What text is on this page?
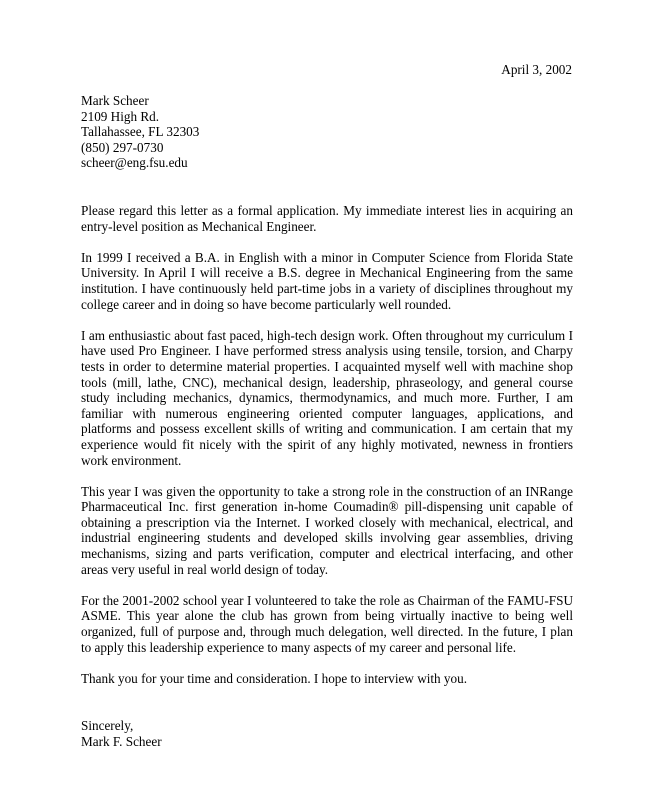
April 3, 2002
Mark Scheer
2109 High Rd.
Tallahassee, FL 32303
(850) 297-0730
scheer@eng.fsu.edu

Please regard this letter as a formal application. My immediate interest lies in acquiring an entry-level position as Mechanical Engineer.

In 1999 I received a B.A. in English with a minor in Computer Science from Florida State University. In April I will receive a B.S. degree in Mechanical Engineering from the same institution. I have continuously held part-time jobs in a variety of disciplines throughout my college career and in doing so have become particularly well rounded.

I am enthusiastic about fast paced, high-tech design work. Often throughout my curriculum I have used Pro Engineer. I have performed stress analysis using tensile, torsion, and Charpy tests in order to determine material properties. I acquainted myself well with machine shop tools (mill, lathe, CNC), mechanical design, leadership, phraseology, and general course study including mechanics, dynamics, thermodynamics, and much more. Further, I am familiar with numerous engineering oriented computer languages, applications, and platforms and possess excellent skills of writing and communication. I am certain that my experience would fit nicely with the spirit of any highly motivated, newness in frontiers work environment.

This year I was given the opportunity to take a strong role in the construction of an INRange Pharmaceutical Inc. first generation in-home Coumadin® pill-dispensing unit capable of obtaining a prescription via the Internet. I worked closely with mechanical, electrical, and industrial engineering students and developed skills involving gear assemblies, driving mechanisms, sizing and parts verification, computer and electrical interfacing, and other areas very useful in real world design of today.

For the 2001-2002 school year I volunteered to take the role as Chairman of the FAMU-FSU ASME. This year alone the club has grown from being virtually inactive to being well organized, full of purpose and, through much delegation, well directed. In the future, I plan to apply this leadership experience to many aspects of my career and personal life.

Thank you for your time and consideration. I hope to interview with you.

Sincerely,
Mark F. Scheer
